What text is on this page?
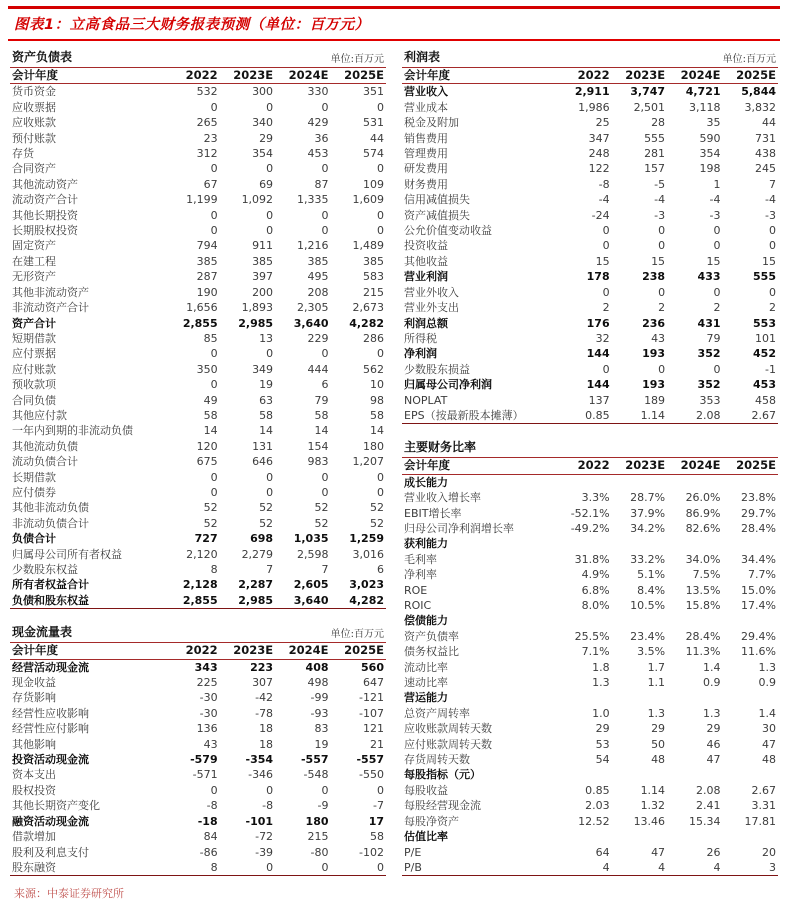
图表1：立高食品三大财务报表预测（单位：百万元）
资产负债表	单位:百万元
会计年度	2022	2023E	2024E	2025E
货币资金	532	300	330	351
应收票据	0	0	0	0
应收账款	265	340	429	531
预付账款	23	29	36	44
存货	312	354	453	574
合同资产	0	0	0	0
其他流动资产	67	69	87	109
流动资产合计	1,199	1,092	1,335	1,609
其他长期投资	0	0	0	0
长期股权投资	0	0	0	0
固定资产	794	911	1,216	1,489
在建工程	385	385	385	385
无形资产	287	397	495	583
其他非流动资产	190	200	208	215
非流动资产合计	1,656	1,893	2,305	2,673
资产合计	2,855	2,985	3,640	4,282
短期借款	85	13	229	286
应付票据	0	0	0	0
应付账款	350	349	444	562
预收款项	0	19	6	10
合同负债	49	63	79	98
其他应付款	58	58	58	58
一年内到期的非流动负债	14	14	14	14
其他流动负债	120	131	154	180
流动负债合计	675	646	983	1,207
长期借款	0	0	0	0
应付债券	0	0	0	0
其他非流动负债	52	52	52	52
非流动负债合计	52	52	52	52
负债合计	727	698	1,035	1,259
归属母公司所有者权益	2,120	2,279	2,598	3,016
少数股东权益	8	7	7	6
所有者权益合计	2,128	2,287	2,605	3,023
负债和股东权益	2,855	2,985	3,640	4,282
现金流量表	单位:百万元
会计年度	2022	2023E	2024E	2025E
经营活动现金流	343	223	408	560
现金收益	225	307	498	647
存货影响	-30	-42	-99	-121
经营性应收影响	-30	-78	-93	-107
经营性应付影响	136	18	83	121
其他影响	43	18	19	21
投资活动现金流	-579	-354	-557	-557
资本支出	-571	-346	-548	-550
股权投资	0	0	0	0
其他长期资产变化	-8	-8	-9	-7
融资活动现金流	-18	-101	180	17
借款增加	84	-72	215	58
股利及利息支付	-86	-39	-80	-102
股东融资	8	0	0	0
来源：中泰证券研究所
利润表	单位:百万元
会计年度	2022	2023E	2024E	2025E
营业收入	2,911	3,747	4,721	5,844
营业成本	1,986	2,501	3,118	3,832
税金及附加	25	28	35	44
销售费用	347	555	590	731
管理费用	248	281	354	438
研发费用	122	157	198	245
财务费用	-8	-5	1	7
信用减值损失	-4	-4	-4	-4
资产减值损失	-24	-3	-3	-3
公允价值变动收益	0	0	0	0
投资收益	0	0	0	0
其他收益	15	15	15	15
营业利润	178	238	433	555
营业外收入	0	0	0	0
营业外支出	2	2	2	2
利润总额	176	236	431	553
所得税	32	43	79	101
净利润	144	193	352	452
少数股东损益	0	0	0	-1
归属母公司净利润	144	193	352	453
NOPLAT	137	189	353	458
EPS（按最新股本摊薄）	0.85	1.14	2.08	2.67
主要财务比率
会计年度	2022	2023E	2024E	2025E
成长能力				
营业收入增长率	3.3%	28.7%	26.0%	23.8%
EBIT增长率	-52.1%	37.9%	86.9%	29.7%
归母公司净利润增长率	-49.2%	34.2%	82.6%	28.4%
获利能力				
毛利率	31.8%	33.2%	34.0%	34.4%
净利率	4.9%	5.1%	7.5%	7.7%
ROE	6.8%	8.4%	13.5%	15.0%
ROIC	8.0%	10.5%	15.8%	17.4%
偿债能力				
资产负债率	25.5%	23.4%	28.4%	29.4%
债务权益比	7.1%	3.5%	11.3%	11.6%
流动比率	1.8	1.7	1.4	1.3
速动比率	1.3	1.1	0.9	0.9
营运能力				
总资产周转率	1.0	1.3	1.3	1.4
应收账款周转天数	29	29	29	30
应付账款周转天数	53	50	46	47
存货周转天数	54	48	47	48
每股指标（元）				
每股收益	0.85	1.14	2.08	2.67
每股经营现金流	2.03	1.32	2.41	3.31
每股净资产	12.52	13.46	15.34	17.81
估值比率				
P/E	64	47	26	20
P/B	4	4	4	3
